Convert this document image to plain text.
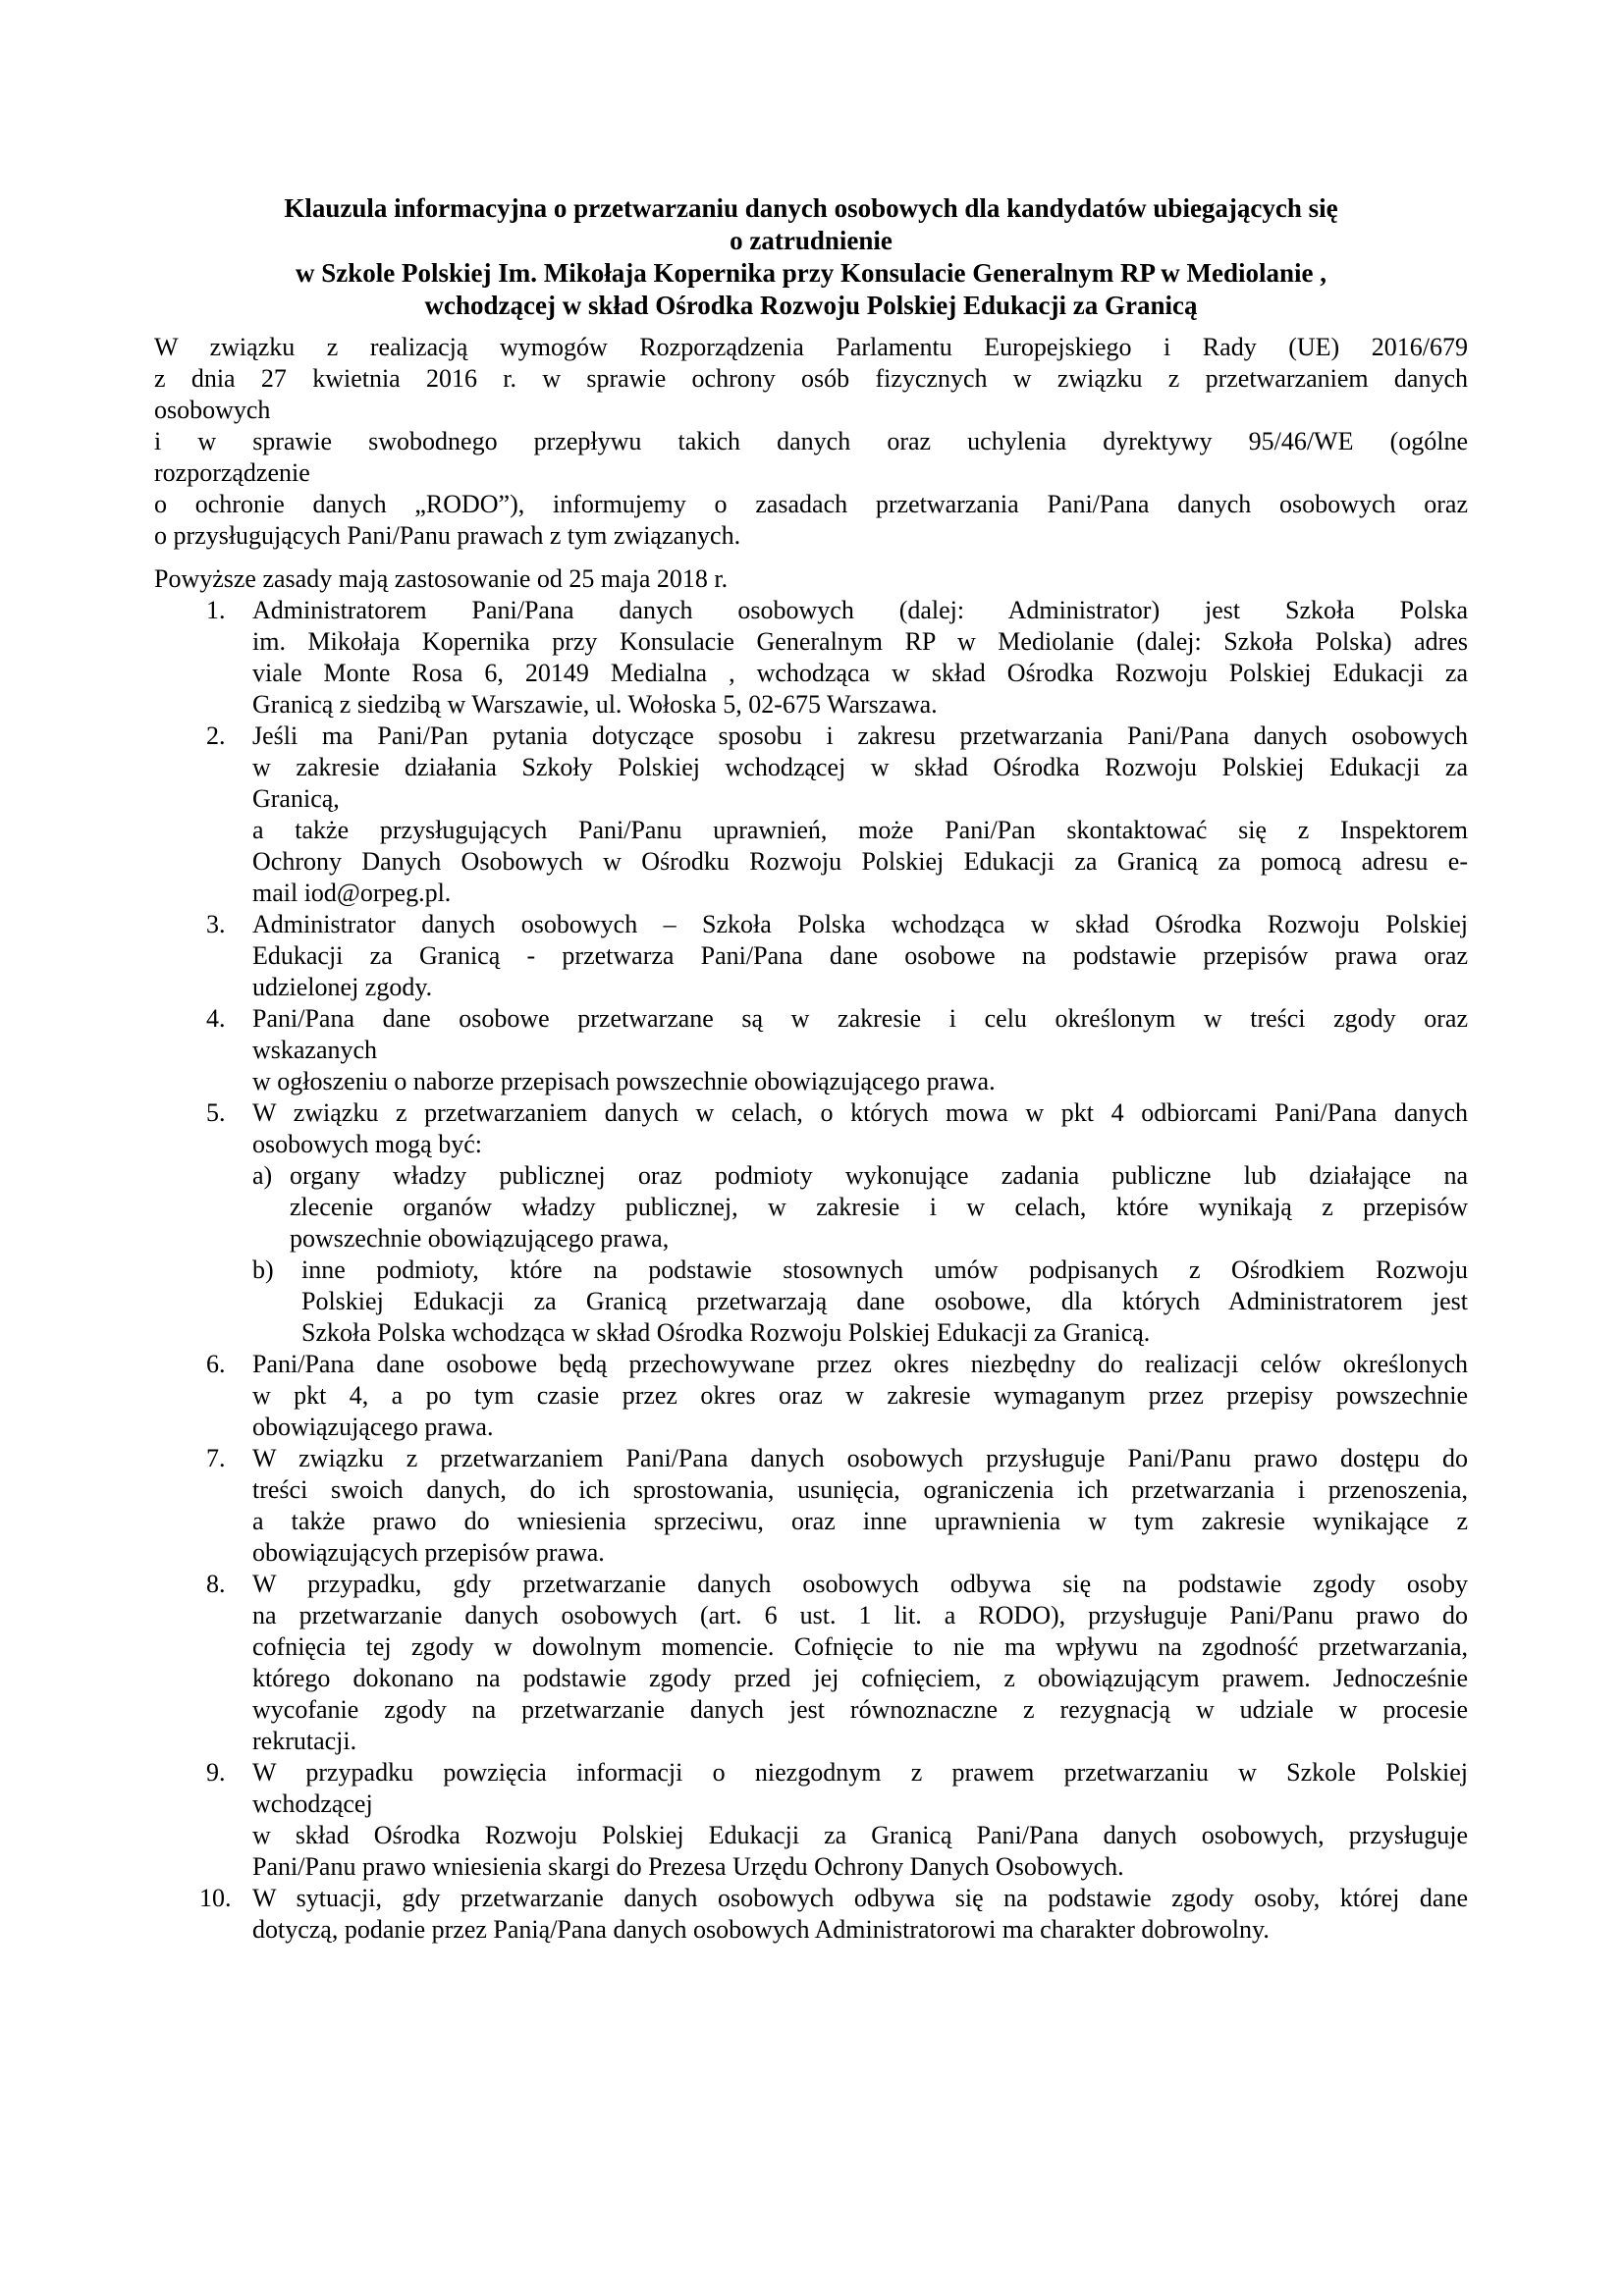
Klauzula informacyjna o przetwarzaniu danych osobowych dla kandydatów ubiegających się
o zatrudnienie
w Szkole Polskiej Im. Mikołaja Kopernika przy Konsulacie Generalnym RP w Mediolanie ,
wchodzącej w skład Ośrodka Rozwoju Polskiej Edukacji za Granicą
W związku z realizacją wymogów Rozporządzenia Parlamentu Europejskiego i Rady (UE) 2016/679
z dnia 27 kwietnia 2016 r. w sprawie ochrony osób fizycznych w związku z przetwarzaniem danych
osobowych
i w sprawie swobodnego przepływu takich danych oraz uchylenia dyrektywy 95/46/WE (ogólne
rozporządzenie
o ochronie danych „RODO”), informujemy o zasadach przetwarzania Pani/Pana danych osobowych oraz
o przysługujących Pani/Panu prawach z tym związanych.
Powyższe zasady mają zastosowanie od 25 maja 2018 r.
1. Administratorem Pani/Pana danych osobowych (dalej: Administrator) jest Szkoła Polska
im. Mikołaja Kopernika przy Konsulacie Generalnym RP w Mediolanie (dalej: Szkoła Polska) adres
viale Monte Rosa 6, 20149 Medialna , wchodząca w skład Ośrodka Rozwoju Polskiej Edukacji za
Granicą z siedzibą w Warszawie, ul. Wołoska 5, 02-675 Warszawa.
2. Jeśli ma Pani/Pan pytania dotyczące sposobu i zakresu przetwarzania Pani/Pana danych osobowych
w zakresie działania Szkoły Polskiej wchodzącej w skład Ośrodka Rozwoju Polskiej Edukacji za
Granicą,
a także przysługujących Pani/Panu uprawnień, może Pani/Pan skontaktować się z Inspektorem
Ochrony Danych Osobowych w Ośrodku Rozwoju Polskiej Edukacji za Granicą za pomocą adresu e-
mail iod@orpeg.pl.
3. Administrator danych osobowych – Szkoła Polska wchodząca w skład Ośrodka Rozwoju Polskiej
Edukacji za Granicą - przetwarza Pani/Pana dane osobowe na podstawie przepisów prawa oraz
udzielonej zgody.
4. Pani/Pana dane osobowe przetwarzane są w zakresie i celu określonym w treści zgody oraz
wskazanych
w ogłoszeniu o naborze przepisach powszechnie obowiązującego prawa.
5. W związku z przetwarzaniem danych w celach, o których mowa w pkt 4 odbiorcami Pani/Pana danych
osobowych mogą być:
a) organy władzy publicznej oraz podmioty wykonujące zadania publiczne lub działające na
zlecenie organów władzy publicznej, w zakresie i w celach, które wynikają z przepisów
powszechnie obowiązującego prawa,
b) inne podmioty, które na podstawie stosownych umów podpisanych z Ośrodkiem Rozwoju
Polskiej Edukacji za Granicą przetwarzają dane osobowe, dla których Administratorem jest
Szkoła Polska wchodząca w skład Ośrodka Rozwoju Polskiej Edukacji za Granicą.
6. Pani/Pana dane osobowe będą przechowywane przez okres niezbędny do realizacji celów określonych
w pkt 4, a po tym czasie przez okres oraz w zakresie wymaganym przez przepisy powszechnie
obowiązującego prawa.
7. W związku z przetwarzaniem Pani/Pana danych osobowych przysługuje Pani/Panu prawo dostępu do
treści swoich danych, do ich sprostowania, usunięcia, ograniczenia ich przetwarzania i przenoszenia,
a także prawo do wniesienia sprzeciwu, oraz inne uprawnienia w tym zakresie wynikające z
obowiązujących przepisów prawa.
8. W przypadku, gdy przetwarzanie danych osobowych odbywa się na podstawie zgody osoby
na przetwarzanie danych osobowych (art. 6 ust. 1 lit. a RODO), przysługuje Pani/Panu prawo do
cofnięcia tej zgody w dowolnym momencie. Cofnięcie to nie ma wpływu na zgodność przetwarzania,
którego dokonano na podstawie zgody przed jej cofnięciem, z obowiązującym prawem. Jednocześnie
wycofanie zgody na przetwarzanie danych jest równoznaczne z rezygnacją w udziale w procesie
rekrutacji.
9. W przypadku powzięcia informacji o niezgodnym z prawem przetwarzaniu w Szkole Polskiej
wchodzącej
w skład Ośrodka Rozwoju Polskiej Edukacji za Granicą Pani/Pana danych osobowych, przysługuje
Pani/Panu prawo wniesienia skargi do Prezesa Urzędu Ochrony Danych Osobowych.
10. W sytuacji, gdy przetwarzanie danych osobowych odbywa się na podstawie zgody osoby, której dane
dotyczą, podanie przez Panią/Pana danych osobowych Administratorowi ma charakter dobrowolny.
